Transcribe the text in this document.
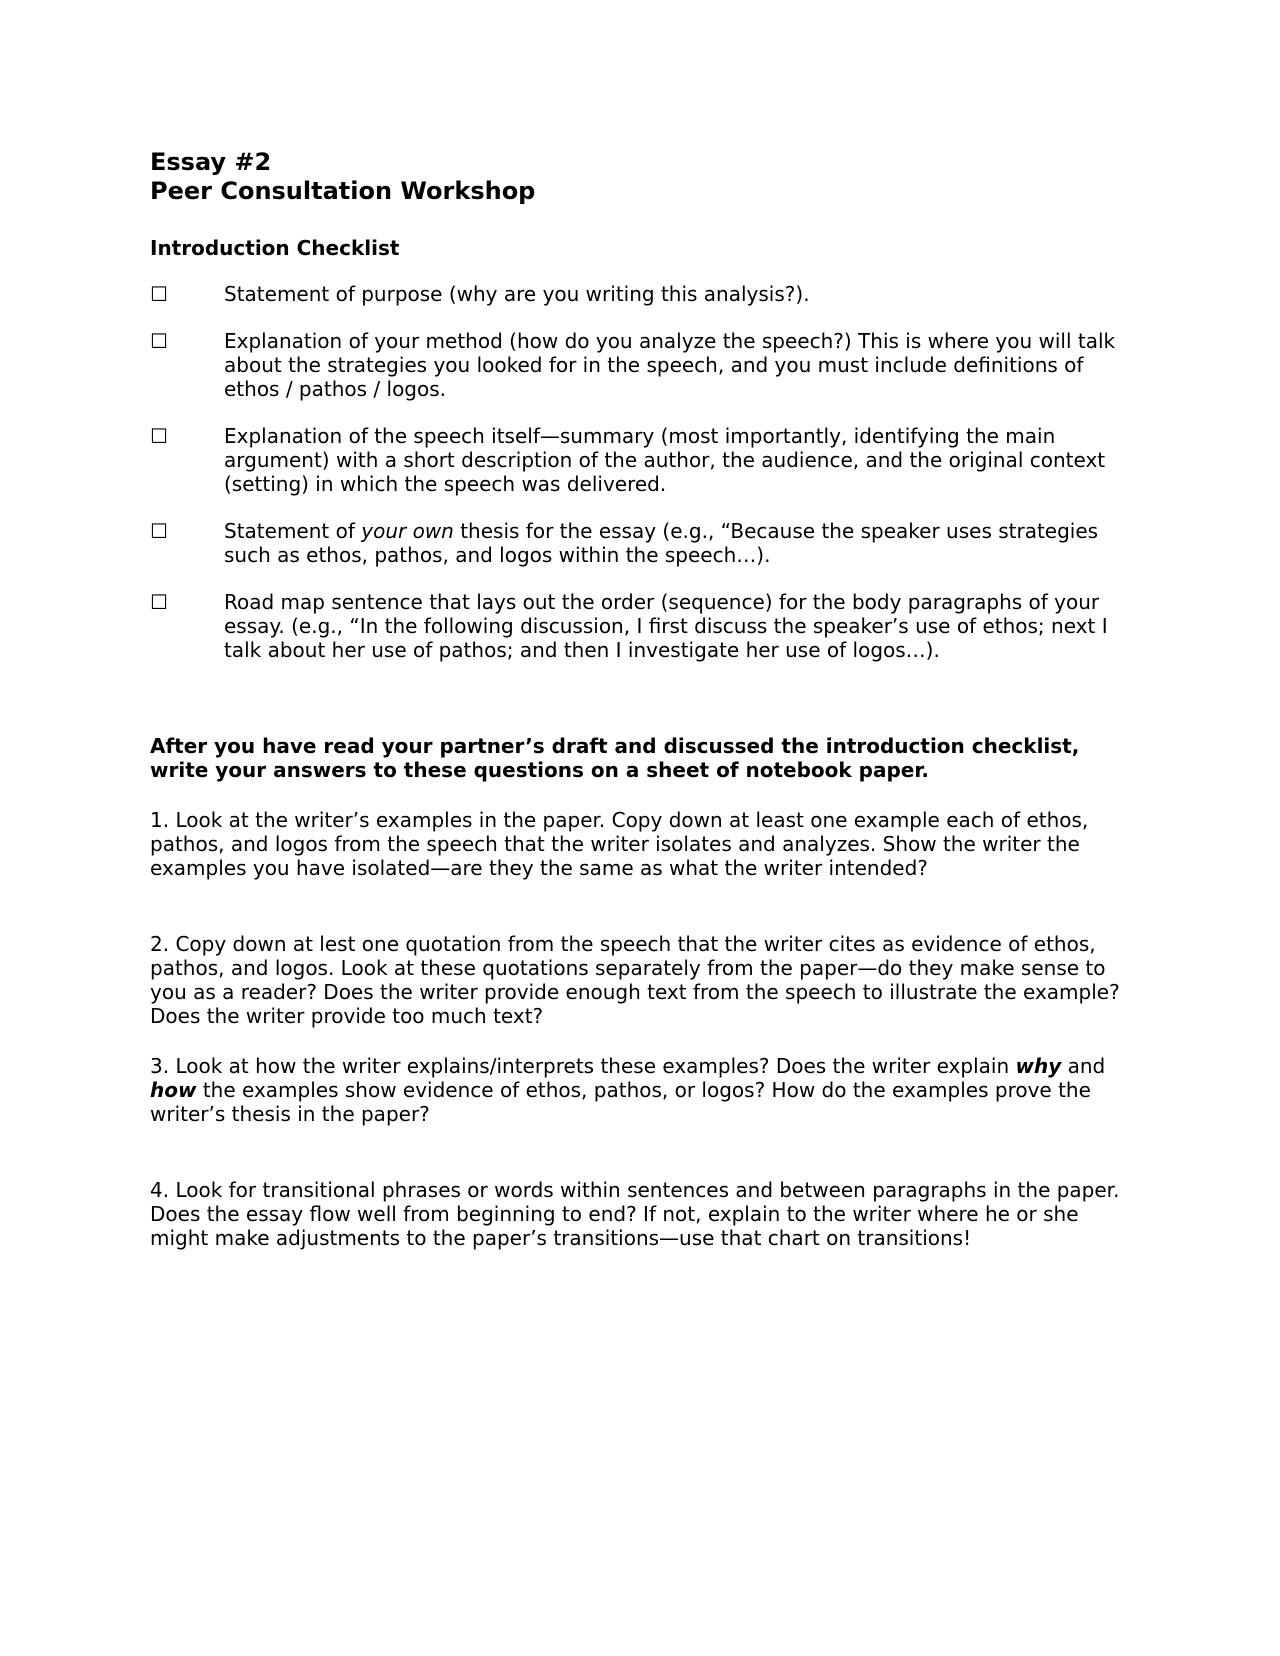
Essay #2
Peer Consultation Workshop
Introduction Checklist
☐	Statement of purpose (why are you writing this analysis?).
☐	Explanation of your method (how do you analyze the speech?) This is where you will talk about the strategies you looked for in the speech, and you must include definitions of ethos / pathos / logos.
☐	Explanation of the speech itself—summary (most importantly, identifying the main argument) with a short description of the author, the audience, and the original context (setting) in which the speech was delivered.
☐	Statement of your own thesis for the essay (e.g., “Because the speaker uses strategies such as ethos, pathos, and logos within the speech…).
☐	Road map sentence that lays out the order (sequence) for the body paragraphs of your essay. (e.g., “In the following discussion, I first discuss the speaker’s use of ethos; next I talk about her use of pathos; and then I investigate her use of logos…).
After you have read your partner’s draft and discussed the introduction checklist, write your answers to these questions on a sheet of notebook paper.

1. Look at the writer’s examples in the paper. Copy down at least one example each of ethos, pathos, and logos from the speech that the writer isolates and analyzes. Show the writer the examples you have isolated—are they the same as what the writer intended?

2. Copy down at lest one quotation from the speech that the writer cites as evidence of ethos, pathos, and logos. Look at these quotations separately from the paper—do they make sense to you as a reader? Does the writer provide enough text from the speech to illustrate the example? Does the writer provide too much text?

3. Look at how the writer explains/interprets these examples? Does the writer explain why and how the examples show evidence of ethos, pathos, or logos? How do the examples prove the writer’s thesis in the paper?

4. Look for transitional phrases or words within sentences and between paragraphs in the paper. Does the essay flow well from beginning to end? If not, explain to the writer where he or she might make adjustments to the paper’s transitions—use that chart on transitions!
